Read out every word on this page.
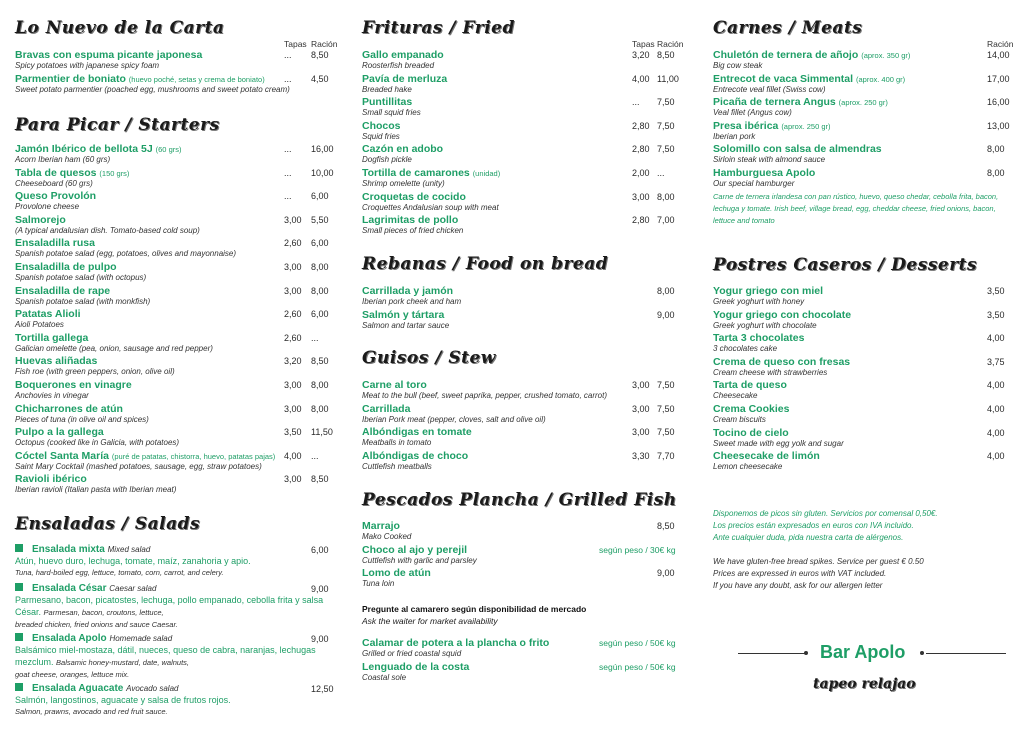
Lo Nuevo de la Carta
Tapas Ración
Bravas con espuma picante japonesa
Spicy potatoes with japanese spicy foam
... 8,50
Parmentier de boniato (huevo poché, setas y crema de boniato)
Sweet potato parmentier (poached egg, mushrooms and sweet potato cream)
... 4,50
Para Picar / Starters
Jamón Ibérico de bellota 5J (60 grs)
Acorn Iberian ham (60 grs)
... 16,00
Tabla de quesos (150 grs)
Cheeseboard (60 grs)
... 10,00
Queso Provolón
Provolone cheese
... 6,00
Salmorejo
(A typical andalusian dish. Tomato-based cold soup)
3,00 5,50
Ensaladilla rusa
Spanish potatoe salad (egg, potatoes, olives and mayonnaise)
2,60 6,00
Ensaladilla de pulpo
Spanish potatoe salad (with octopus)
3,00 8,00
Ensaladilla de rape
Spanish potatoe salad (with monkfish)
3,00 8,00
Patatas Alioli
Aioli Potatoes
2,60 6,00
Tortilla gallega
Galician omelette (pea, onion, sausage and red pepper)
2,60 ...
Huevas aliñadas
Fish roe (with green peppers, onion, olive oil)
3,20 8,50
Boquerones en vinagre
Anchovies in vinegar
3,00 8,00
Chicharrones de atún
Pieces of tuna (in olive oil and spices)
3,00 8,00
Pulpo a la gallega
Octopus (cooked like in Galicia, with potatoes)
3,50 11,50
Cóctel Santa María (puré de patatas, chistorra, huevo, patatas pajas)
Saint Mary Cocktail (mashed potatoes, sausage, egg, straw potatoes)
4,00 ...
Ravioli ibérico
Iberian ravioli (Italian pasta with Iberian meat)
3,00 8,50
Ensaladas / Salads
Ensalada mixta Mixed salad
Atún, huevo duro, lechuga, tomate, maíz, zanahoria y apio.
Tuna, hard-boiled egg, lettuce, tomato, corn, carrot, and celery.
6,00
Ensalada César Caesar salad
Parmesano, bacon, picatostes, lechuga, pollo empanado, cebolla frita y salsa César. Parmesan, bacon, croutons, lettuce,
breaded chicken, fried onions and sauce Caesar.
9,00
Ensalada Apolo Homemade salad
Balsámico miel-mostaza, dátil, nueces, queso de cabra, naranjas, lechugas mezclum. Balsamic honey-mustard, date, walnuts,
goat cheese, oranges, lettuce mix.
9,00
Ensalada Aguacate Avocado salad
Salmón, langostinos, aguacate y salsa de frutos rojos.
Salmon, prawns, avocado and red fruit sauce.
12,50
Frituras / Fried
Tapas Ración
Gallo empanado
Roosterfish breaded
3,20 8,50
Pavía de merluza
Breaded hake
4,00 11,00
Puntillitas
Small squid fries
... 7,50
Chocos
Squid fries
2,80 7,50
Cazón en adobo
Dogfish pickle
2,80 7,50
Tortilla de camarones (unidad)
Shrimp omelette (unity)
2,00 ...
Croquetas de cocido
Croquettes Andalusian soup with meat
3,00 8,00
Lagrimitas de pollo
Small pieces of fried chicken
2,80 7,00
Rebanas / Food on bread
Carrillada y jamón
Iberian pork cheek and ham
8,00
Salmón y tártara
Salmon and tartar sauce
9,00
Guisos / Stew
Carne al toro
Meat to the bull (beef, sweet paprika, pepper, crushed tomato, carrot)
3,00 7,50
Carrillada
Iberian Pork meat (pepper, cloves, salt and olive oil)
3,00 7,50
Albóndigas en tomate
Meatballs in tomato
3,00 7,50
Albóndigas de choco
Cuttlefish meatballs
3,30 7,70
Pescados Plancha / Grilled Fish
Marrajo
Mako Cooked
8,50
Choco al ajo y perejil
Cuttlefish with garlic and parsley
según peso / 30€ kg
Lomo de atún
Tuna loin
9,00
Pregunte al camarero según disponibilidad de mercado
Ask the waiter for market availability
Calamar de potera a la plancha o frito
Grilled or fried coastal squid
según peso / 50€ kg
Lenguado de la costa
Coastal sole
según peso / 50€ kg
Carnes / Meats
Ración
Chuletón de ternera de añojo (aprox. 350 gr)
Big cow steak
14,00
Entrecot de vaca Simmental (aprox. 400 gr)
Entrecote veal fillet (Swiss cow)
17,00
Picaña de ternera Angus (aprox. 250 gr)
Veal fillet (Angus cow)
16,00
Presa ibérica (aprox. 250 gr)
Iberian pork
13,00
Solomillo con salsa de almendras
Sirloin steak with almond sauce
8,00
Hamburguesa Apolo
Our special hamburger
8,00
Carne de ternera irlandesa con pan rústico, huevo, queso chedar, cebolla frita, bacon, lechuga y tomate. Irish beef, village bread, egg, cheddar cheese, fried onions, bacon, lettuce and tomato
Postres Caseros / Desserts
Yogur griego con miel
Greek yoghurt with honey
3,50
Yogur griego con chocolate
Greek yoghurt with chocolate
3,50
Tarta 3 chocolates
3 chocolates cake
4,00
Crema de queso con fresas
Cream cheese with strawberries
3,75
Tarta de queso
Cheesecake
4,00
Crema Cookies
Cream biscuits
4,00
Tocino de cielo
Sweet made with egg yolk and sugar
4,00
Cheesecake de limón
Lemon cheesecake
4,00
Disponemos de picos sin gluten. Servicios por comensal 0,50€.
Los precios están expresados en euros con IVA incluido.
Ante cualquier duda, pida nuestra carta de alérgenos.
We have gluten-free bread spikes. Service per guest € 0.50
Prices are expressed in euros with VAT included.
If you have any doubt, ask for our allergen letter
Bar Apolo
tapeo relajao
